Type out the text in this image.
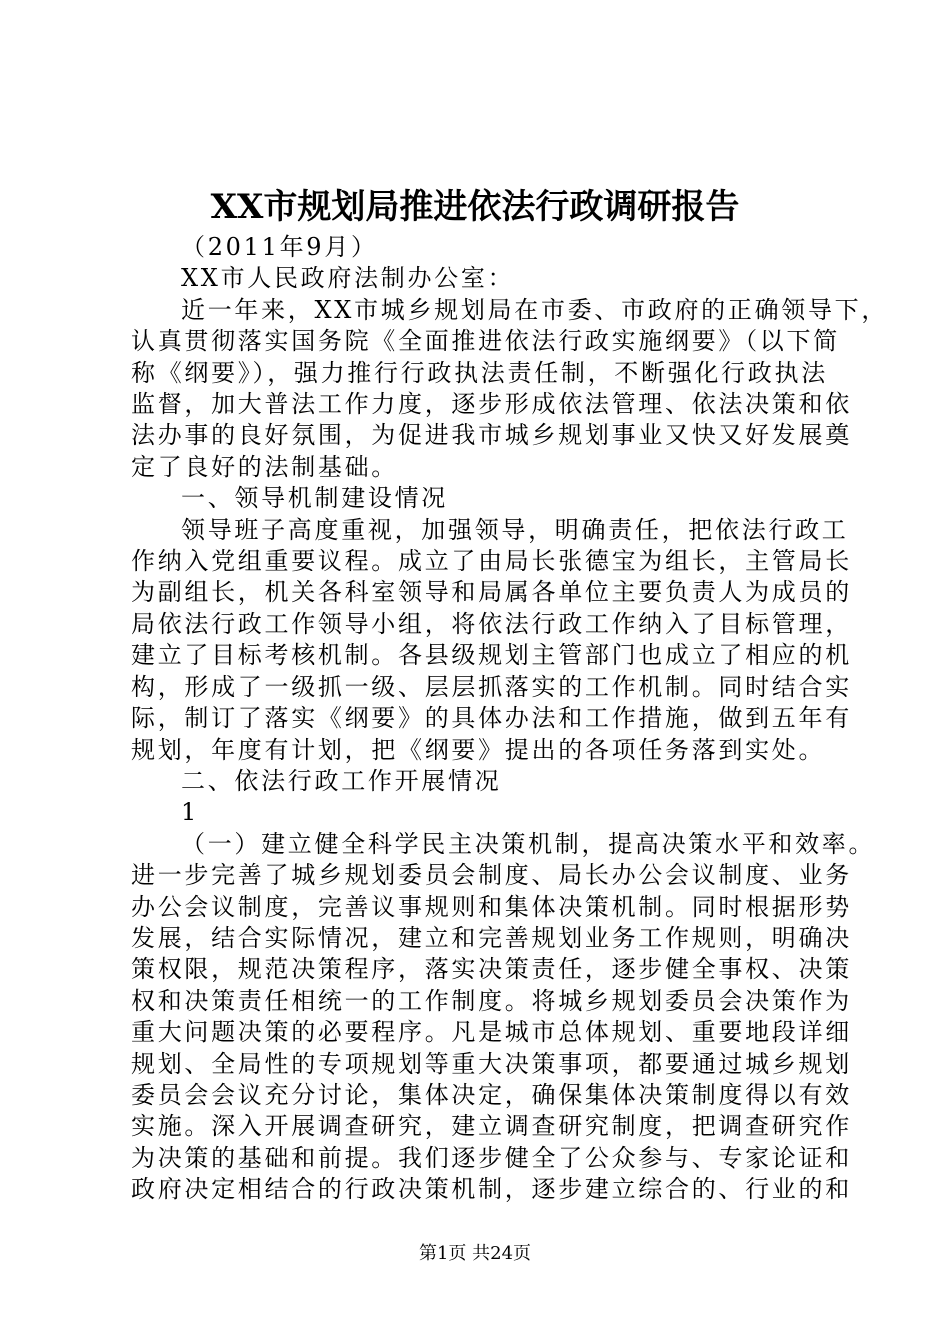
XX市规划局推进依法行政调研报告
（2011年9月）
XX市人民政府法制办公室：
近一年来，XX市城乡规划局在市委、市政府的正确领导下，
认真贯彻落实国务院《全面推进依法行政实施纲要》（以下简
称《纲要》），强力推行行政执法责任制，不断强化行政执法
监督，加大普法工作力度，逐步形成依法管理、依法决策和依
法办事的良好氛围，为促进我市城乡规划事业又快又好发展奠
定了良好的法制基础。
一、领导机制建设情况
领导班子高度重视，加强领导，明确责任，把依法行政工
作纳入党组重要议程。成立了由局长张德宝为组长，主管局长
为副组长，机关各科室领导和局属各单位主要负责人为成员的
局依法行政工作领导小组，将依法行政工作纳入了目标管理，
建立了目标考核机制。各县级规划主管部门也成立了相应的机
构，形成了一级抓一级、层层抓落实的工作机制。同时结合实
际，制订了落实《纲要》的具体办法和工作措施，做到五年有
规划，年度有计划，把《纲要》提出的各项任务落到实处。
二、依法行政工作开展情况
1
（一）建立健全科学民主决策机制，提高决策水平和效率。
进一步完善了城乡规划委员会制度、局长办公会议制度、业务
办公会议制度，完善议事规则和集体决策机制。同时根据形势
发展，结合实际情况，建立和完善规划业务工作规则，明确决
策权限，规范决策程序，落实决策责任，逐步健全事权、决策
权和决策责任相统一的工作制度。将城乡规划委员会决策作为
重大问题决策的必要程序。凡是城市总体规划、重要地段详细
规划、全局性的专项规划等重大决策事项，都要通过城乡规划
委员会会议充分讨论，集体决定，确保集体决策制度得以有效
实施。深入开展调查研究，建立调查研究制度，把调查研究作
为决策的基础和前提。我们逐步健全了公众参与、专家论证和
政府决定相结合的行政决策机制，逐步建立综合的、行业的和
第1页 共24页
